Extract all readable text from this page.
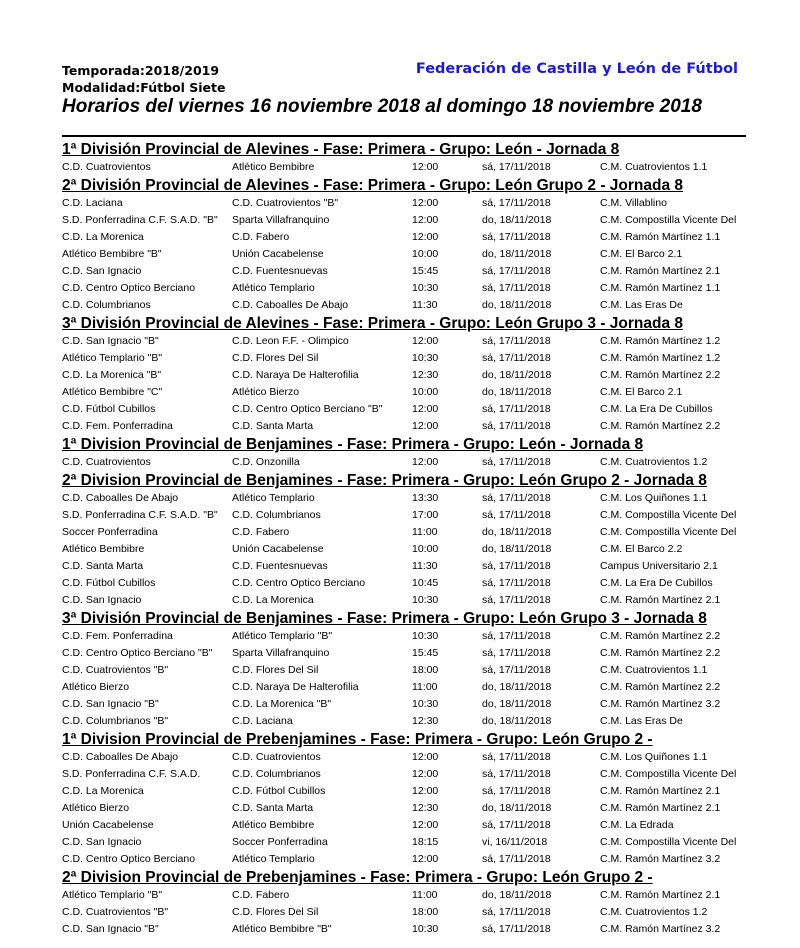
Temporada:2018/2019
Modalidad:Fútbol Siete
Federación de Castilla y León de Fútbol
Horarios del viernes 16 noviembre 2018 al domingo 18 noviembre 2018
1ª División Provincial de Alevines - Fase: Primera - Grupo: León - Jornada 8
C.D. Cuatrovientos	Atlético Bembibre	12:00	sá, 17/11/2018	C.M. Cuatrovientos 1.1
2ª División Provincial de Alevines - Fase: Primera - Grupo: León Grupo 2 - Jornada 8
C.D. Laciana	C.D. Cuatrovientos "B"	12:00	sá, 17/11/2018	C.M. Villablino
S.D. Ponferradina C.F. S.A.D. "B"	Sparta Villafranquino	12:00	do, 18/11/2018	C.M. Compostilla Vicente Del
C.D. La Morenica	C.D. Fabero	12:00	sá, 17/11/2018	C.M. Ramón Martínez 1.1
Atlético Bembibre "B"	Unión Cacabelense	10:00	do, 18/11/2018	C.M. El Barco 2.1
C.D. San Ignacio	C.D. Fuentesnuevas	15:45	sá, 17/11/2018	C.M. Ramón Martínez 2.1
C.D. Centro Optico Berciano	Atlético Templario	10:30	sá, 17/11/2018	C.M. Ramón Martínez 1.1
C.D. Columbrianos	C.D. Caboalles De Abajo	11:30	do, 18/11/2018	C.M. Las Eras De
3ª División Provincial de Alevines - Fase: Primera - Grupo: León Grupo 3 - Jornada 8
C.D. San Ignacio "B"	C.D. Leon F.F. - Olimpico	12:00	sá, 17/11/2018	C.M. Ramón Martínez 1.2
Atlético Templario "B"	C.D. Flores Del Sil	10:30	sá, 17/11/2018	C.M. Ramón Martínez 1.2
C.D. La Morenica "B"	C.D. Naraya De Halterofilia	12:30	do, 18/11/2018	C.M. Ramón Martínez 2.2
Atlético Bembibre "C"	Atlético Bierzo	10:00	do, 18/11/2018	C.M. El Barco 2.1
C.D. Fútbol Cubillos	C.D. Centro Optico Berciano "B"	12:00	sá, 17/11/2018	C.M. La Era De Cubillos
C.D. Fem. Ponferradina	C.D. Santa Marta	12:00	sá, 17/11/2018	C.M. Ramón Martínez 2.2
1ª Division Provincial de Benjamines - Fase: Primera - Grupo: León - Jornada 8
C.D. Cuatrovientos	C.D. Onzonilla	12:00	sá, 17/11/2018	C.M. Cuatrovientos 1.2
2ª Division Provincial de Benjamines - Fase: Primera - Grupo: León Grupo 2 - Jornada 8
C.D. Caboalles De Abajo	Atlético Templario	13:30	sá, 17/11/2018	C.M. Los Quiñones 1.1
S.D. Ponferradina C.F. S.A.D. "B"	C.D. Columbrianos	17:00	sá, 17/11/2018	C.M. Compostilla Vicente Del
Soccer Ponferradina	C.D. Fabero	11:00	do, 18/11/2018	C.M. Compostilla Vicente Del
Atlético Bembibre	Unión Cacabelense	10:00	do, 18/11/2018	C.M. El Barco 2.2
C.D. Santa Marta	C.D. Fuentesnuevas	11:30	sá, 17/11/2018	Campus Universitario 2.1
C.D. Fútbol Cubillos	C.D. Centro Optico Berciano	10:45	sá, 17/11/2018	C.M. La Era De Cubillos
C.D. San Ignacio	C.D. La Morenica	10:30	sá, 17/11/2018	C.M. Ramón Martínez 2.1
3ª División Provincial de Benjamines - Fase: Primera - Grupo: León Grupo 3 - Jornada 8
C.D. Fem. Ponferradina	Atlético Templario "B"	10:30	sá, 17/11/2018	C.M. Ramón Martínez 2.2
C.D. Centro Optico Berciano "B"	Sparta Villafranquino	15:45	sá, 17/11/2018	C.M. Ramón Martínez 2.2
C.D. Cuatrovientos "B"	C.D. Flores Del Sil	18:00	sá, 17/11/2018	C.M. Cuatrovientos 1.1
Atlético Bierzo	C.D. Naraya De Halterofilia	11:00	do, 18/11/2018	C.M. Ramón Martínez 2.2
C.D. San Ignacio "B"	C.D. La Morenica "B"	10:30	do, 18/11/2018	C.M. Ramón Martínez 3.2
C.D. Columbrianos "B"	C.D. Laciana	12:30	do, 18/11/2018	C.M. Las Eras De
1ª Division Provincial de Prebenjamines - Fase: Primera - Grupo: León Grupo 2 -
C.D. Caboalles De Abajo	C.D. Cuatrovientos	12:00	sá, 17/11/2018	C.M. Los Quiñones 1.1
S.D. Ponferradina C.F. S.A.D.	C.D. Columbrianos	12:00	sá, 17/11/2018	C.M. Compostilla Vicente Del
C.D. La Morenica	C.D. Fútbol Cubillos	12:00	sá, 17/11/2018	C.M. Ramón Martínez 2.1
Atlético Bierzo	C.D. Santa Marta	12:30	do, 18/11/2018	C.M. Ramón Martínez 2.1
Unión Cacabelense	Atlético Bembibre	12:00	sá, 17/11/2018	C.M. La Edrada
C.D. San Ignacio	Soccer Ponferradina	18:15	vi, 16/11/2018	C.M. Compostilla Vicente Del
C.D. Centro Optico Berciano	Atlético Templario	12:00	sá, 17/11/2018	C.M. Ramón Martínez 3.2
2ª Division Provincial de Prebenjamines - Fase: Primera - Grupo: León Grupo 2 -
Atlético Templario "B"	C.D. Fabero	11:00	do, 18/11/2018	C.M. Ramón Martínez 2.1
C.D. Cuatrovientos "B"	C.D. Flores Del Sil	18:00	sá, 17/11/2018	C.M. Cuatrovientos 1.2
C.D. San Ignacio "B"	Atlético Bembibre "B"	10:30	sá, 17/11/2018	C.M. Ramón Martínez 3.2
